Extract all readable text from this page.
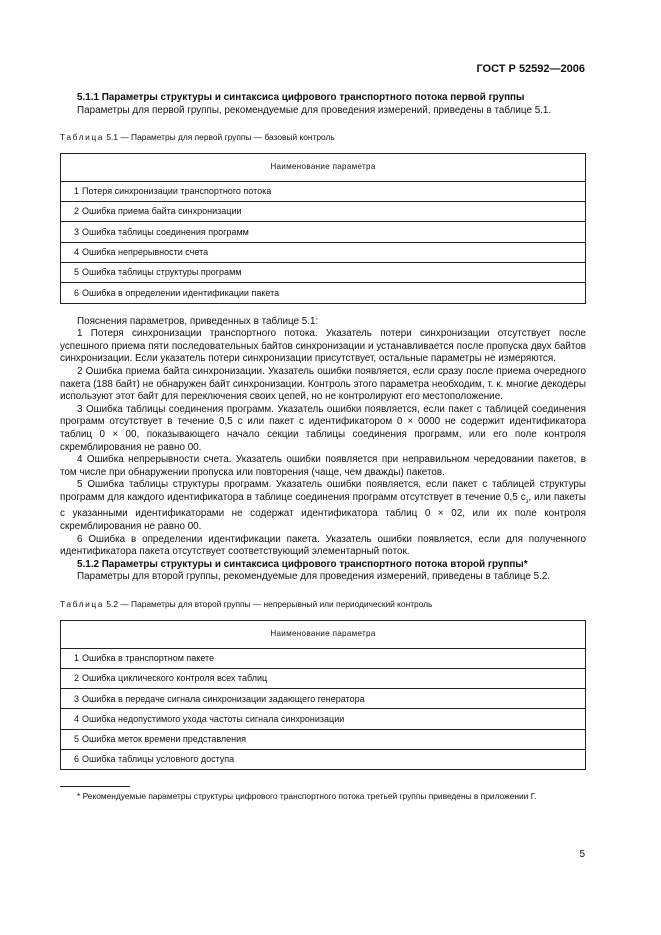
ГОСТ Р 52592—2006

5.1.1 Параметры структуры и синтаксиса цифрового транспортного потока первой группы

Параметры для первой группы, рекомендуемые для проведения измерений, приведены в таблице 5.1.

Таблица 5.1 — Параметры для первой группы — базовый контроль
Наименование параметра
1 Потеря синхронизации транспортного потока
2 Ошибка приема байта синхронизации
3 Ошибка таблицы соединения программ
4 Ошибка непрерывности счета
5 Ошибка таблицы структуры программ
6 Ошибка в определении идентификации пакета

Пояснения параметров, приведенных в таблице 5.1:

1 Потеря синхронизации транспортного потока. Указатель потери синхронизации отсутствует после успешного приема пяти последовательных байтов синхронизации и устанавливается после пропуска двух байтов синхронизации. Если указатель потери синхронизации присутствует, остальные параметры не измеряются.

2 Ошибка приема байта синхронизации. Указатель ошибки появляется, если сразу после приема очередного пакета (188 байт) не обнаружен байт синхронизации. Контроль этого параметра необходим, т. к. многие декодеры используют этот байт для переключения своих цепей, но не контролируют его местоположение.

3 Ошибка таблицы соединения программ. Указатель ошибки появляется, если пакет с таблицей соединения программ отсутствует в течение 0,5 с или пакет с идентификатором 0 × 0000 не содержит идентификатора таблиц 0 × 00, показывающего начало секции таблицы соединения программ, или его поле контроля скремблирования не равно 00.

4 Ошибка непрерывности счета. Указатель ошибки появляется при неправильном чередовании пакетов, в том числе при обнаружении пропуска или повторения (чаще, чем дважды) пакетов.

5 Ошибка таблицы структуры программ. Указатель ошибки появляется, если пакет с таблицей структуры программ для каждого идентификатора в таблице соединения программ отсутствует в течение 0,5 $с_з$, или пакеты с указанными идентификаторами не содержат идентификатора таблиц 0 × 02, или их поле контроля скремблирования не равно 00.

6 Ошибка в определении идентификации пакета. Указатель ошибки появляется, если для полученного идентификатора пакета отсутствует соответствующий элементарный поток.

5.1.2 Параметры структуры и синтаксиса цифрового транспортного потока второй группы*

Параметры для второй группы, рекомендуемые для проведения измерений, приведены в таблице 5.2.

Таблица 5.2 — Параметры для второй группы — непрерывный или периодический контроль
Наименование параметра
1 Ошибка в транспортном пакете
2 Ошибка циклического контроля всех таблиц
3 Ошибка в передаче сигнала синхронизации задающего генератора
4 Ошибка недопустимого ухода частоты сигнала синхронизации
5 Ошибка меток времени представления
6 Ошибка таблицы условного доступа

* Рекомендуемые параметры структуры цифрового транспортного потока третьей группы приведены в приложении Г.

5
